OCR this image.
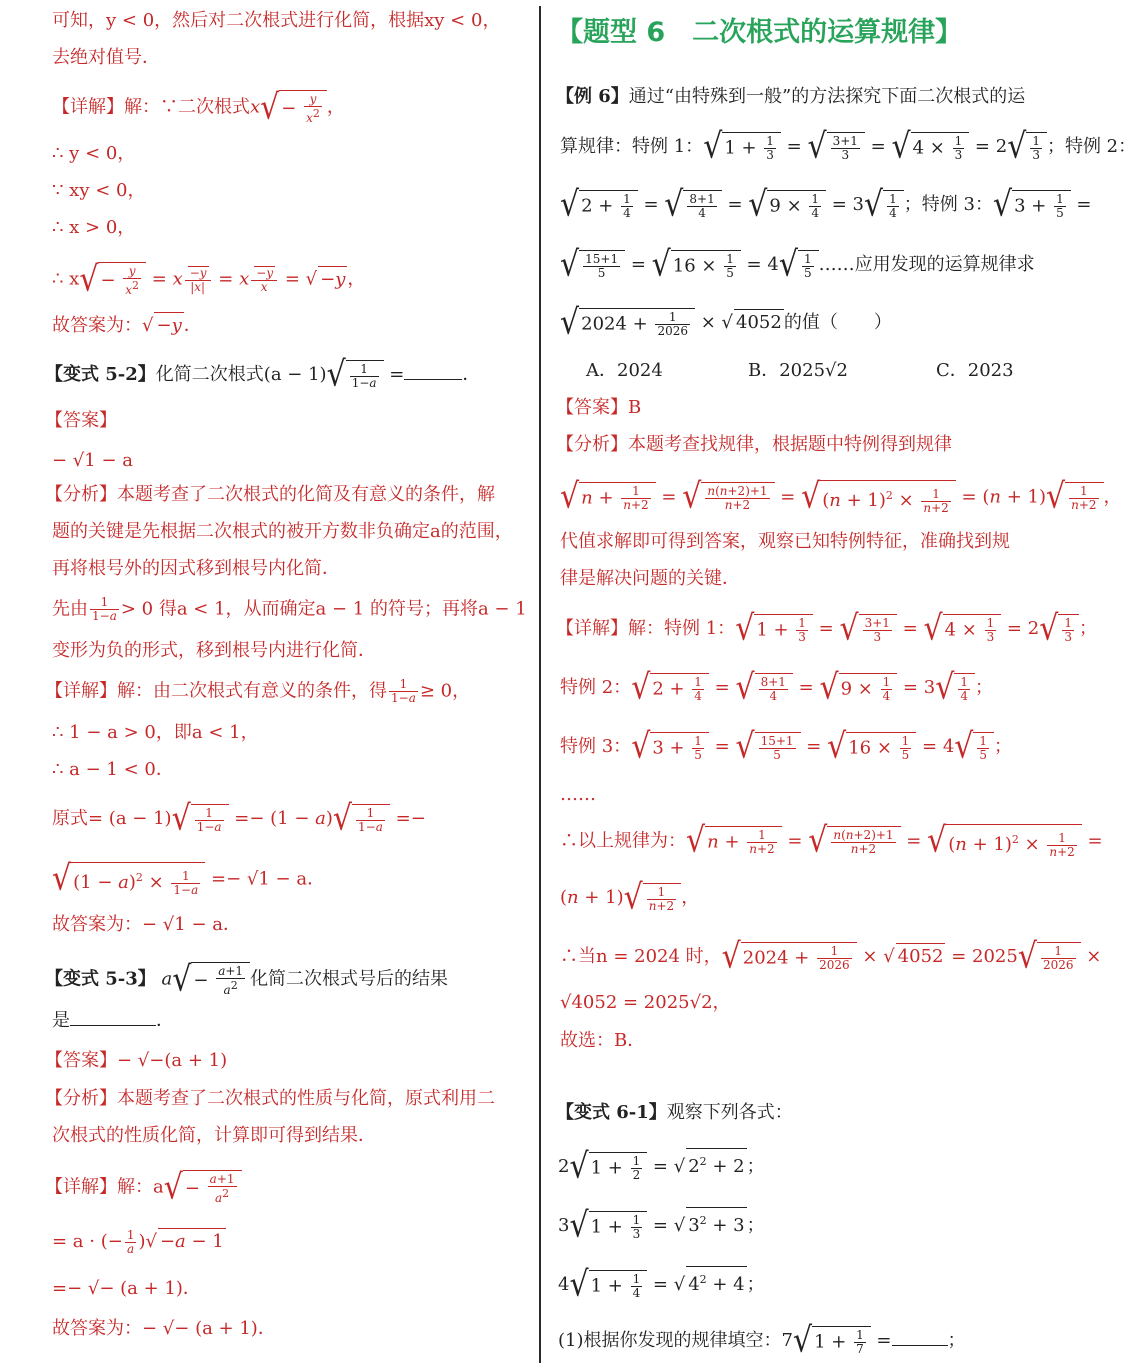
可知，y < 0，然后对二次根式进行化简，根据xy < 0，
去绝对值号．
【详解】解：∵二次根式$x√ - \frac{y}{x^2}$ ，
∴ y < 0，
∵ xy < 0，
∴ x > 0，
∴ $x√ - \frac{y}{x^2} = x \frac{-y}{|x|} = x \frac{-y}{x}$ = √ −y ，
故答案为：√ −y ．
【变式 5-2】化简二次根式$(a - 1)√ \frac{1}{1-a}$ =	．
【答案】
− √1 − a
【分析】本题考查了二次根式的化简及有意义的条件，解
题的关键是先根据二次根式的被开方数非负确定a的范围，
再将根号外的因式移到根号内化简．
先由 $\frac{1}{1-a} > 0$ 得a < 1，从而确定a − 1 的符号；再将a − 1
变形为负的形式，移到根号内进行化简．
【详解】解：由二次根式有意义的条件，得 $\frac{1}{1-a} \ge 0$，
∴ 1 − a > 0，即a < 1，
∴ a − 1 < 0．
原式= $(a - 1)√ \frac{1}{1-a} =- (1 - a)√ \frac{1}{1-a}$ =−
√ $(1 - a)^2 \times \frac{1}{1-a} =- √1 - a$．
故答案为：− √1 − a．
【变式 5-3】 $a√ - \frac{a+1}{a^2}$ 化简二次根式号后的结果
是	．
【答案】− √−(a + 1)
【分析】本题考查了二次根式的性质与化简，原式利用二
次根式的性质化简，计算即可得到结果．
【详解】解：$a√ - \frac{a+1}{a^2}$
= a · (− $\frac{1}{a}$ )√ −a − 1
=− √− (a + 1)．
故答案为：− √− (a + 1)．
【题型 6　二次根式的运算规律】
【例 6】通过“由特殊到一般”的方法探究下面二次根式的运
算规律：特例 1：√ $1 + \frac{1}{3}$ = √ $\frac{3+1}{3}$ = √ $4 \times \frac{1}{3} = 2√ \frac{1}{3}$ ；特例 2：
√ $2 + \frac{1}{4}$ = √ $\frac{8+1}{4}$ = √ $9 \times \frac{1}{4} = 3√ \frac{1}{4}$ ；特例 3：√ $3 + \frac{1}{5}$ =
√ $\frac{15+1}{5}$ = √ $16 \times \frac{1}{5} = 4√ \frac{1}{5}$ ……应用发现的运算规律求
√ $2024 + \frac{1}{2026}$ × √ 4052 的值（　　）
A．2024	B．2025√2	C．2023
【答案】B
【分析】本题考查找规律，根据题中特例得到规律
√ $n + \frac{1}{n+2}$ = √ $\frac{n(n+2)+1}{n+2}$ = √ $(n + 1)^2 \times \frac{1}{n+2} = (n + 1)√ \frac{1}{n+2}$ ，
代值求解即可得到答案，观察已知特例特征，准确找到规
律是解决问题的关键．
【详解】解：特例 1：√ $1 + \frac{1}{3}$ = √ $\frac{3+1}{3}$ = √ $4 \times \frac{1}{3} = 2√ \frac{1}{3}$ ；
特例 2：√ $2 + \frac{1}{4}$ = √ $\frac{8+1}{4}$ = √ $9 \times \frac{1}{4} = 3√ \frac{1}{4}$ ；
特例 3：√ $3 + \frac{1}{5}$ = √ $\frac{15+1}{5}$ = √ $16 \times \frac{1}{5} = 4√ \frac{1}{5}$ ；
……
∴以上规律为：√ $n + \frac{1}{n+2}$ = √ $\frac{n(n+2)+1}{n+2}$ = √ $(n + 1)^2 \times \frac{1}{n+2}$ =
$(n + 1)√ \frac{1}{n+2}$ ，
∴当n = 2024 时，√ $2024 + \frac{1}{2026}$ × √ $4052 = 2025√ \frac{1}{2026}$ ×
√4052 = 2025√2，
故选：B．
【变式 6-1】观察下列各式：
2√ $1 + \frac{1}{2}$ = √ $2^2 + 2$ ；
3√ $1 + \frac{1}{3}$ = √ $3^2 + 3$ ；
4√ $1 + \frac{1}{4}$ = √ $4^2 + 4$ ；
(1)根据你发现的规律填空：7√ $1 + \frac{1}{7}$ =	；
